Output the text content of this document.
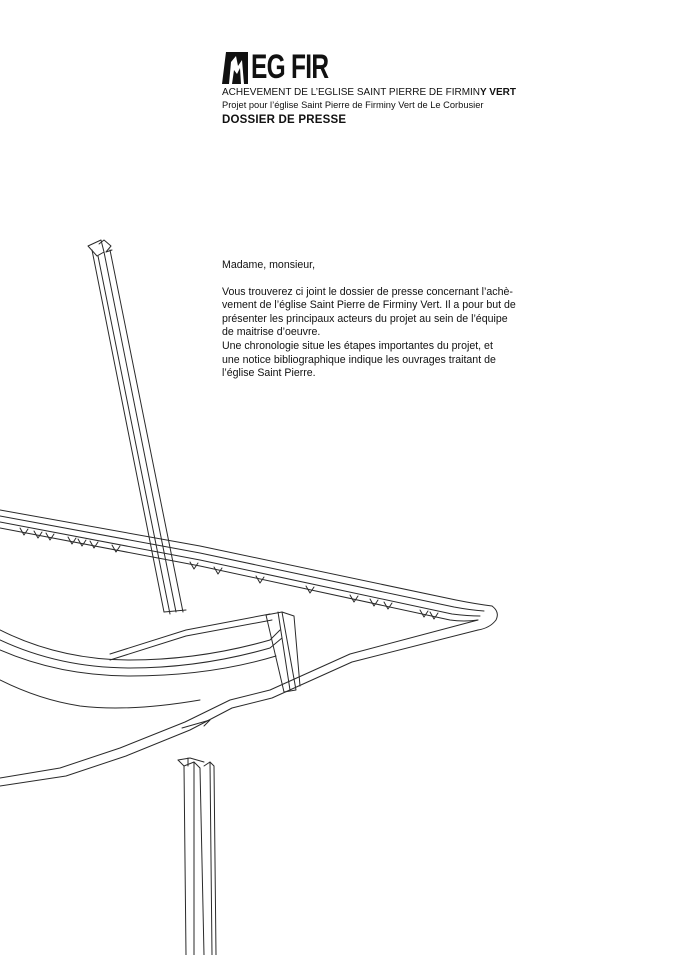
EG FIR
ACHEVEMENT DE L’EGLISE SAINT PIERRE DE FIRMINY VERT
Projet pour l’église Saint Pierre de Firminy Vert de Le Corbusier
DOSSIER DE PRESSE

Madame, monsieur,

Vous trouverez ci joint le dossier de presse concernant l’achè-

vement de l’église Saint Pierre de Firminy Vert. Il a pour but de

présenter les principaux acteurs du projet au sein de l’équipe

de maitrise d’oeuvre.

Une chronologie situe les étapes importantes du projet, et

une notice bibliographique indique les ouvrages traitant de

l’église Saint Pierre.
